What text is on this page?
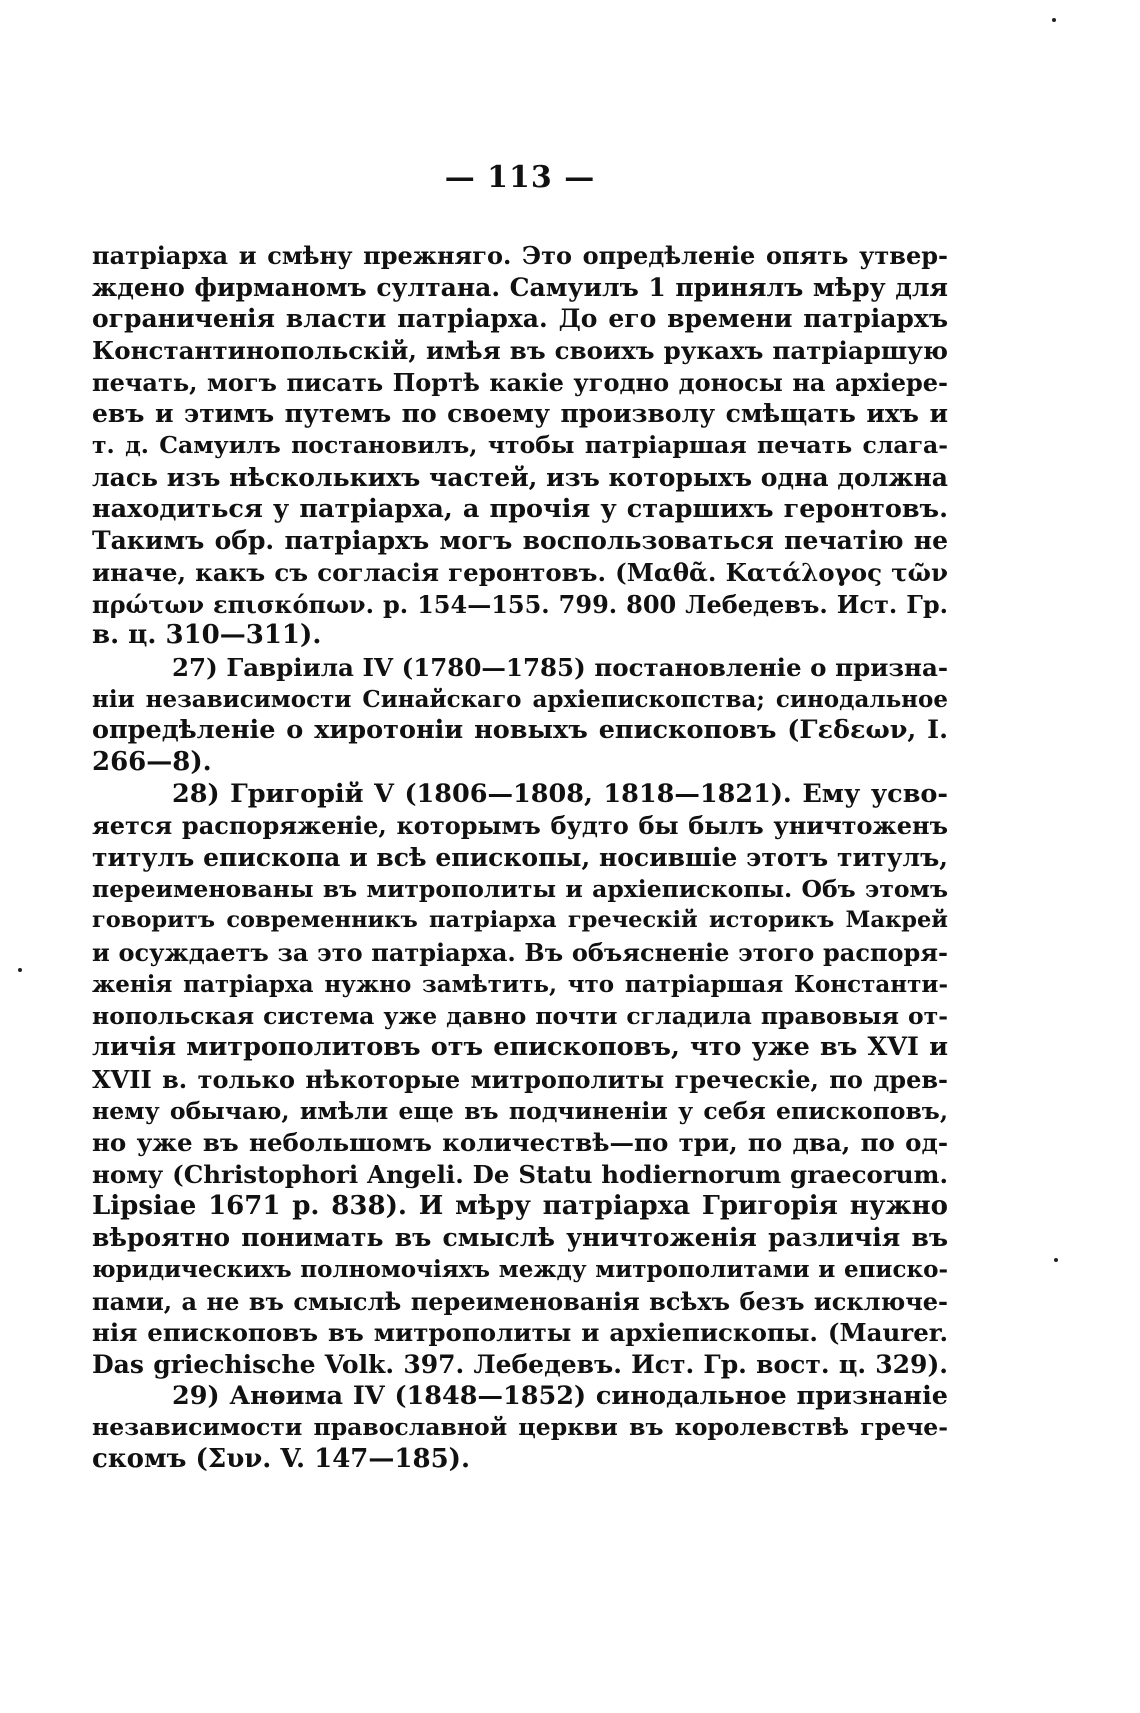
— 113 —
патріарха и смѣну прежняго. Это опредѣленіе опять утвер-
ждено фирманомъ султана. Самуилъ 1 принялъ мѣру для
ограниченія власти патріарха. До его времени патріархъ
Константинопольскій, имѣя въ своихъ рукахъ патріаршую
печать, могъ писать Портѣ какіе угодно доносы на архіере-
евъ и этимъ путемъ по своему произволу смѣщать ихъ и
т. д. Самуилъ постановилъ, чтобы патріаршая печать слага-
лась изъ нѣсколькихъ частей, изъ которыхъ одна должна
находиться у патріарха, а прочія у старшихъ геронтовъ.
Такимъ обр. патріархъ могъ воспользоваться печатію не
иначе, какъ съ согласія геронтовъ. (Μαθᾶ. Κατάλογος τῶν
πρώτων επισκόπων. р. 154—155. 799. 800 Лебедевъ. Ист. Гр.
в. ц. 310—311).
27) Гавріила IV (1780—1785) постановленіе о призна-
ніи независимости Синайскаго архіепископства; синодальное
опредѣленіе о хиротоніи новыхъ епископовъ (Γεδεων, I.
266—8).
28) Григорій V (1806—1808, 1818—1821). Ему усво-
яется распоряженіе, которымъ будто бы былъ уничтоженъ
титулъ епископа и всѣ епископы, носившіе этотъ титулъ,
переименованы въ митрополиты и архіепископы. Объ этомъ
говоритъ современникъ патріарха греческій историкъ Макрей
и осуждаетъ за это патріарха. Въ объясненіе этого распоря-
женія патріарха нужно замѣтить, что патріаршая Константи-
нопольская система уже давно почти сгладила правовыя от-
личія митрополитовъ отъ епископовъ, что уже въ XVI и
XVII в. только нѣкоторые митрополиты греческіе, по древ-
нему обычаю, имѣли еще въ подчиненіи у себя епископовъ,
но уже въ небольшомъ количествѣ—по три, по два, по од-
ному (Christophori Angeli. De Statu hodiernorum graecorum.
Lipsiae 1671 р. 838). И мѣру патріарха Григорія нужно
вѣроятно понимать въ смыслѣ уничтоженія различія въ
юридическихъ полномочіяхъ между митрополитами и еписко-
пами, а не въ смыслѣ переименованія всѣхъ безъ исключе-
нія епископовъ въ митрополиты и архіепископы. (Maurer.
Das griechische Volk. 397. Лебедевъ. Ист. Гр. вост. ц. 329).
29) Анѳима IV (1848—1852) синодальное признаніе
независимости православной церкви въ королевствѣ грече-
скомъ (Συν. V. 147—185).
